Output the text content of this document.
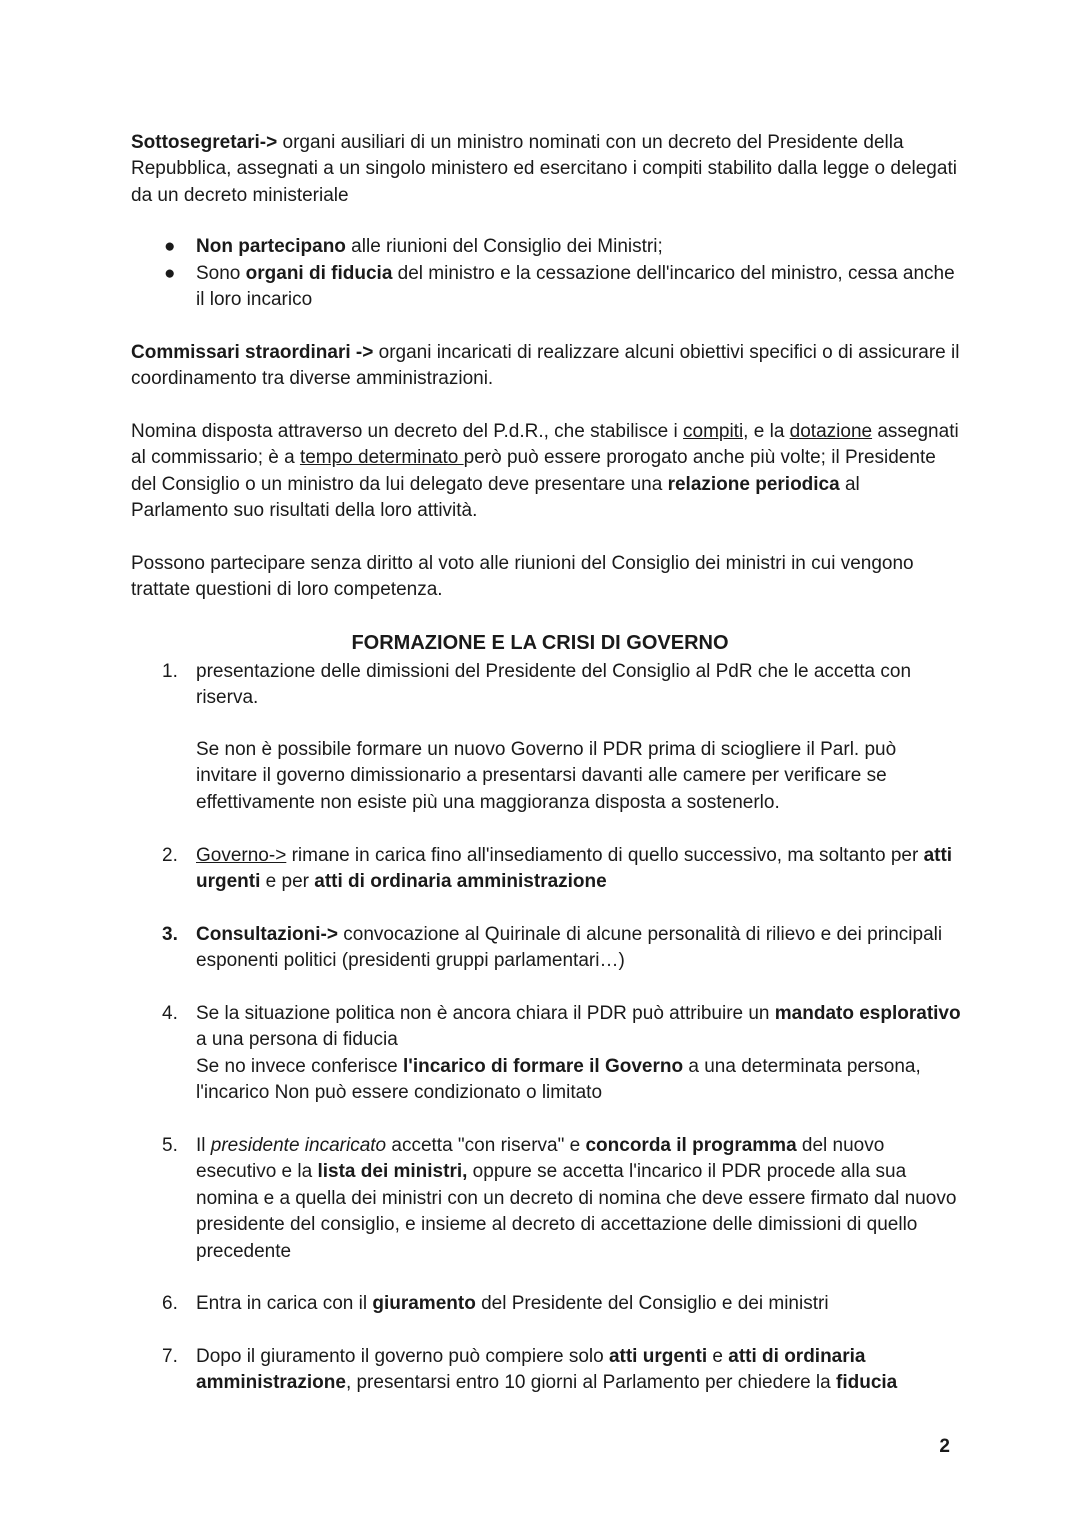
Sottosegretari-> organi ausiliari di un ministro nominati con un decreto del Presidente della Repubblica, assegnati a un singolo ministero ed esercitano i compiti stabilito dalla legge o delegati da un decreto ministeriale

● Non partecipano alle riunioni del Consiglio dei Ministri;

● Sono organi di fiducia del ministro e la cessazione dell'incarico del ministro, cessa anche il loro incarico

Commissari straordinari -> organi incaricati di realizzare alcuni obiettivi specifici o di assicurare il coordinamento tra diverse amministrazioni.

Nomina disposta attraverso un decreto del P.d.R., che stabilisce i compiti, e la dotazione assegnati al commissario; è a tempo determinato però può essere prorogato anche più volte; il Presidente del Consiglio o un ministro da lui delegato deve presentare una relazione periodica al Parlamento suo risultati della loro attività.

Possono partecipare senza diritto al voto alle riunioni del Consiglio dei ministri in cui vengono trattate questioni di loro competenza.

FORMAZIONE E LA CRISI DI GOVERNO

1. presentazione delle dimissioni del Presidente del Consiglio al PdR che le accetta con riserva.

Se non è possibile formare un nuovo Governo il PDR prima di sciogliere il Parl. può invitare il governo dimissionario a presentarsi davanti alle camere per verificare se effettivamente non esiste più una maggioranza disposta a sostenerlo.

2. Governo-> rimane in carica fino all'insediamento di quello successivo, ma soltanto per atti urgenti e per atti di ordinaria amministrazione

3. Consultazioni-> convocazione al Quirinale di alcune personalità di rilievo e dei principali esponenti politici (presidenti gruppi parlamentari…)

4. Se la situazione politica non è ancora chiara il PDR può attribuire un mandato esplorativo a una persona di fiducia
Se no invece conferisce l'incarico di formare il Governo a una determinata persona, l'incarico Non può essere condizionato o limitato

5. Il presidente incaricato accetta "con riserva" e concorda il programma del nuovo esecutivo e la lista dei ministri, oppure se accetta l'incarico il PDR procede alla sua nomina e a quella dei ministri con un decreto di nomina che deve essere firmato dal nuovo presidente del consiglio, e insieme al decreto di accettazione delle dimissioni di quello precedente

6. Entra in carica con il giuramento del Presidente del Consiglio e dei ministri

7. Dopo il giuramento il governo può compiere solo atti urgenti e atti di ordinaria amministrazione, presentarsi entro 10 giorni al Parlamento per chiedere la fiducia

2
